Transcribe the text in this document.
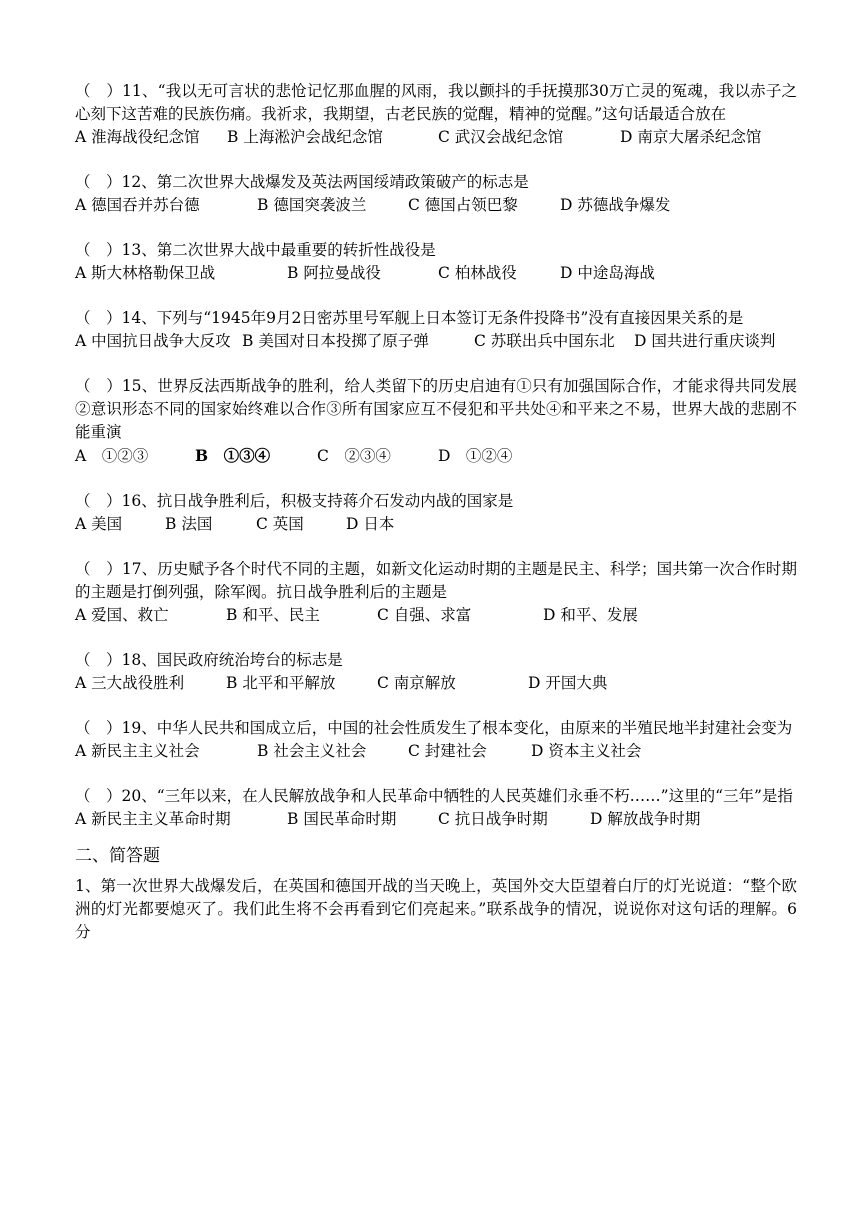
（　）11、“我以无可言状的悲怆记忆那血腥的风雨，我以颤抖的手抚摸那30万亡灵的冤魂，我以赤子之心刻下这苦难的民族伤痛。我祈求，我期望，古老民族的觉醒，精神的觉醒。”这句话最适合放在
A 淮海战役纪念馆 B 上海淞沪会战纪念馆	C 武汉会战纪念馆	D 南京大屠杀纪念馆
（　）12、第二次世界大战爆发及英法两国绥靖政策破产的标志是
A 德国吞并苏台德	B 德国突袭波兰	C 德国占领巴黎	D 苏德战争爆发
（　）13、第二次世界大战中最重要的转折性战役是
A 斯大林格勒保卫战	B 阿拉曼战役	C 柏林战役	D 中途岛海战
（　）14、下列与“1945年9月2日密苏里号军舰上日本签订无条件投降书”没有直接因果关系的是
A 中国抗日战争大反攻 B 美国对日本投掷了原子弹	C 苏联出兵中国东北 D 国共进行重庆谈判
（　）15、世界反法西斯战争的胜利，给人类留下的历史启迪有①只有加强国际合作，才能求得共同发展②意识形态不同的国家始终难以合作③所有国家应互不侵犯和平共处④和平来之不易，世界大战的悲剧不能重演
A　①②③	B　①③④	C　②③④	D　①②④
（　）16、抗日战争胜利后，积极支持蒋介石发动内战的国家是
A 美国	B 法国	C 英国	D 日本
（　）17、历史赋予各个时代不同的主题，如新文化运动时期的主题是民主、科学；国共第一次合作时期的主题是打倒列强，除军阀。抗日战争胜利后的主题是
A 爱国、救亡	B 和平、民主	C 自强、求富	D 和平、发展
（　）18、国民政府统治垮台的标志是
A 三大战役胜利	B 北平和平解放	C 南京解放	D 开国大典
（　）19、中华人民共和国成立后，中国的社会性质发生了根本变化，由原来的半殖民地半封建社会变为
A 新民主主义社会	B 社会主义社会	C 封建社会	D 资本主义社会
（　）20、“三年以来，在人民解放战争和人民革命中牺牲的人民英雄们永垂不朽……”这里的“三年”是指
A 新民主主义革命时期	B 国民革命时期	C 抗日战争时期	D 解放战争时期
二、简答题
1、第一次世界大战爆发后，在英国和德国开战的当天晚上，英国外交大臣望着白厅的灯光说道：“整个欧洲的灯光都要熄灭了。我们此生将不会再看到它们亮起来。”联系战争的情况，说说你对这句话的理解。6分
